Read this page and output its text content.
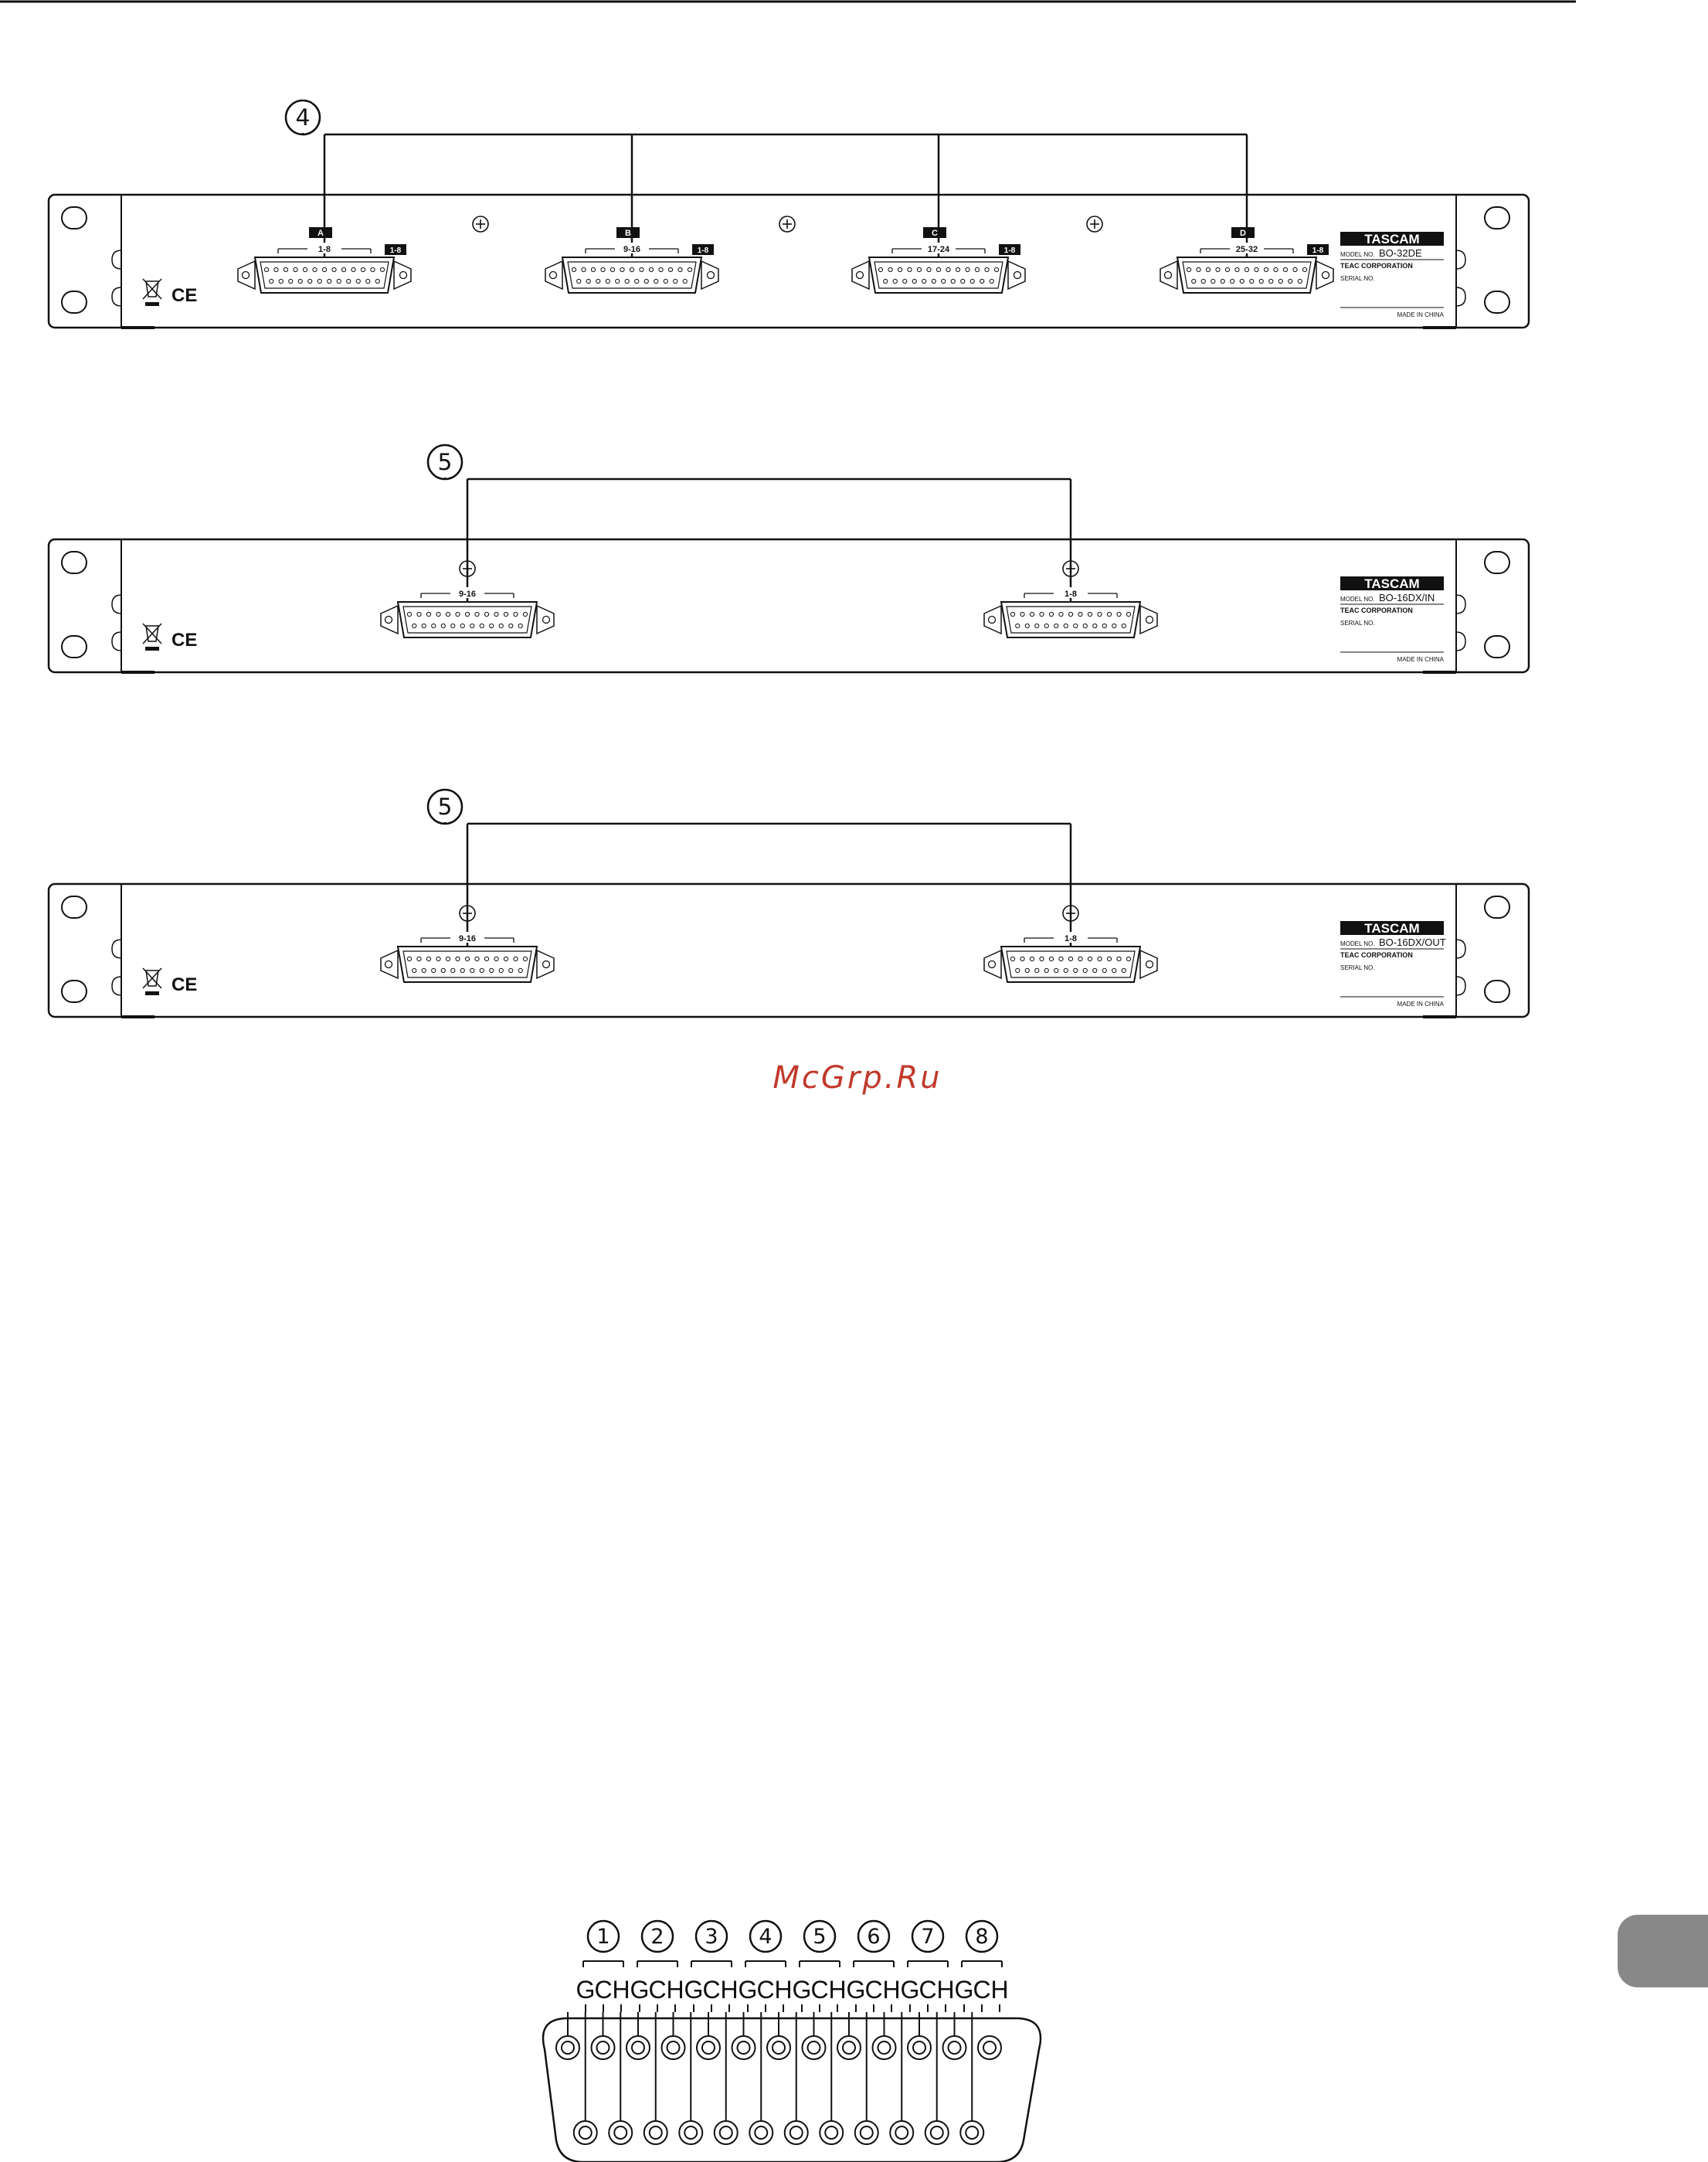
4
1-8
A
1-8	9-16
B
1-8	17-24
C
1-8	25-32
D
1-8
CE
TASCAM
MODEL NO. BO-32DE
TEAC CORPORATION
SERIAL NO.
MADE IN CHINA
5
9-16	1-8
CE
TASCAM
MODEL NO. BO-16DX/IN
TEAC CORPORATION
SERIAL NO.
MADE IN CHINA
5
9-16	1-8
CE
TASCAM
MODEL NO. BO-16DX/OUT
TEAC CORPORATION
SERIAL NO.
MADE IN CHINA
1
G C H
2
G C H
3
G C H
4
G C H
5
G C H
6
G C H
7
G C H
8
G C H
McGrp.Ru
